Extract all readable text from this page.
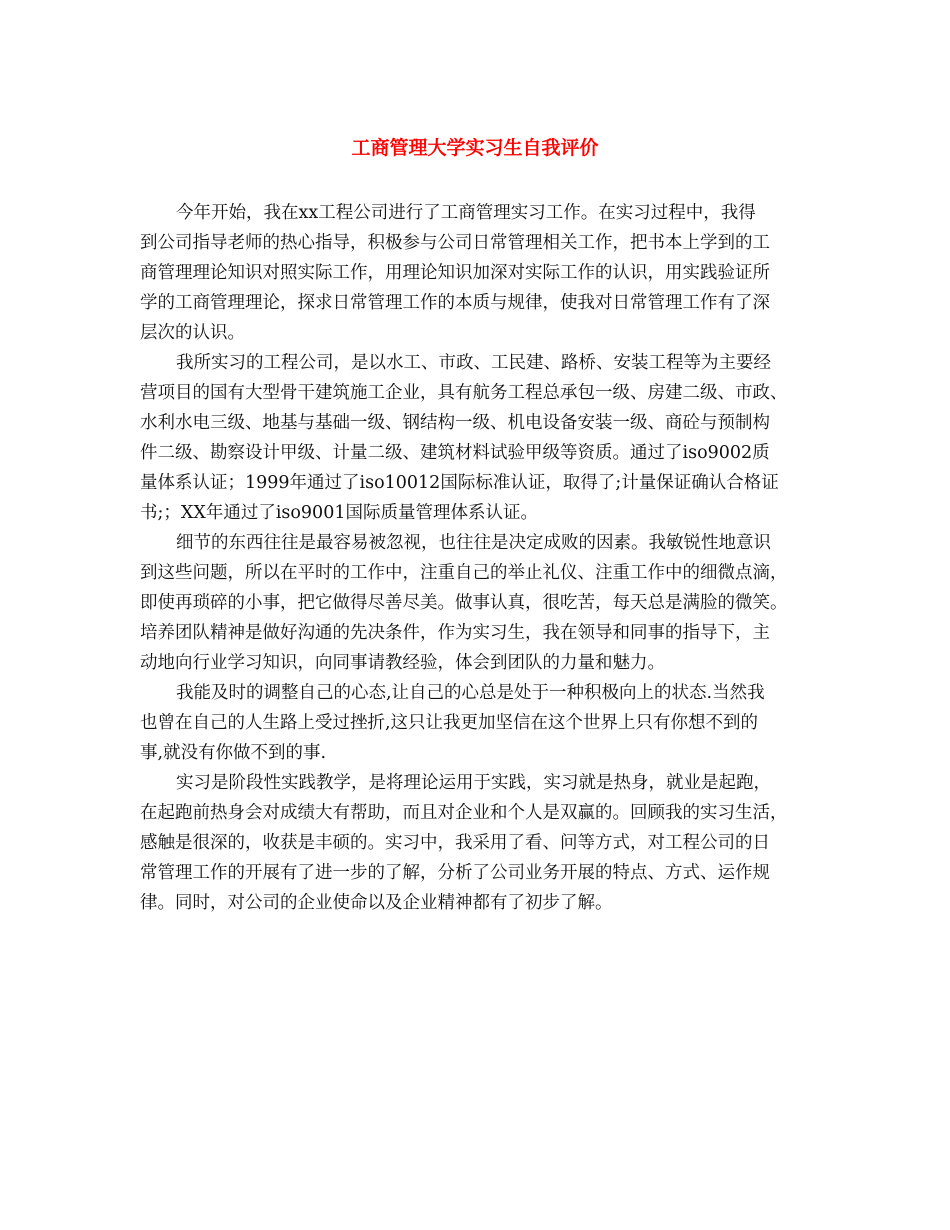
工商管理大学实习生自我评价
今年开始，我在xx工程公司进行了工商管理实习工作。在实习过程中，我得
到公司指导老师的热心指导，积极参与公司日常管理相关工作，把书本上学到的工
商管理理论知识对照实际工作，用理论知识加深对实际工作的认识，用实践验证所
学的工商管理理论，探求日常管理工作的本质与规律，使我对日常管理工作有了深
层次的认识。
我所实习的工程公司，是以水工、市政、工民建、路桥、安装工程等为主要经
营项目的国有大型骨干建筑施工企业，具有航务工程总承包一级、房建二级、市政、
水利水电三级、地基与基础一级、钢结构一级、机电设备安装一级、商砼与预制构
件二级、勘察设计甲级、计量二级、建筑材料试验甲级等资质。通过了iso9002质
量体系认证；1999年通过了iso10012国际标准认证，取得了;计量保证确认合格证
书;；XX年通过了iso9001国际质量管理体系认证。
细节的东西往往是最容易被忽视，也往往是决定成败的因素。我敏锐性地意识
到这些问题，所以在平时的工作中，注重自己的举止礼仪、注重工作中的细微点滴，
即使再琐碎的小事，把它做得尽善尽美。做事认真，很吃苦，每天总是满脸的微笑。
培养团队精神是做好沟通的先决条件，作为实习生，我在领导和同事的指导下，主
动地向行业学习知识，向同事请教经验，体会到团队的力量和魅力。
我能及时的调整自己的心态,让自己的心总是处于一种积极向上的状态.当然我
也曾在自己的人生路上受过挫折,这只让我更加坚信在这个世界上只有你想不到的
事,就没有你做不到的事.
实习是阶段性实践教学，是将理论运用于实践，实习就是热身，就业是起跑，
在起跑前热身会对成绩大有帮助，而且对企业和个人是双赢的。回顾我的实习生活，
感触是很深的，收获是丰硕的。实习中，我采用了看、问等方式，对工程公司的日
常管理工作的开展有了进一步的了解，分析了公司业务开展的特点、方式、运作规
律。同时，对公司的企业使命以及企业精神都有了初步了解。
